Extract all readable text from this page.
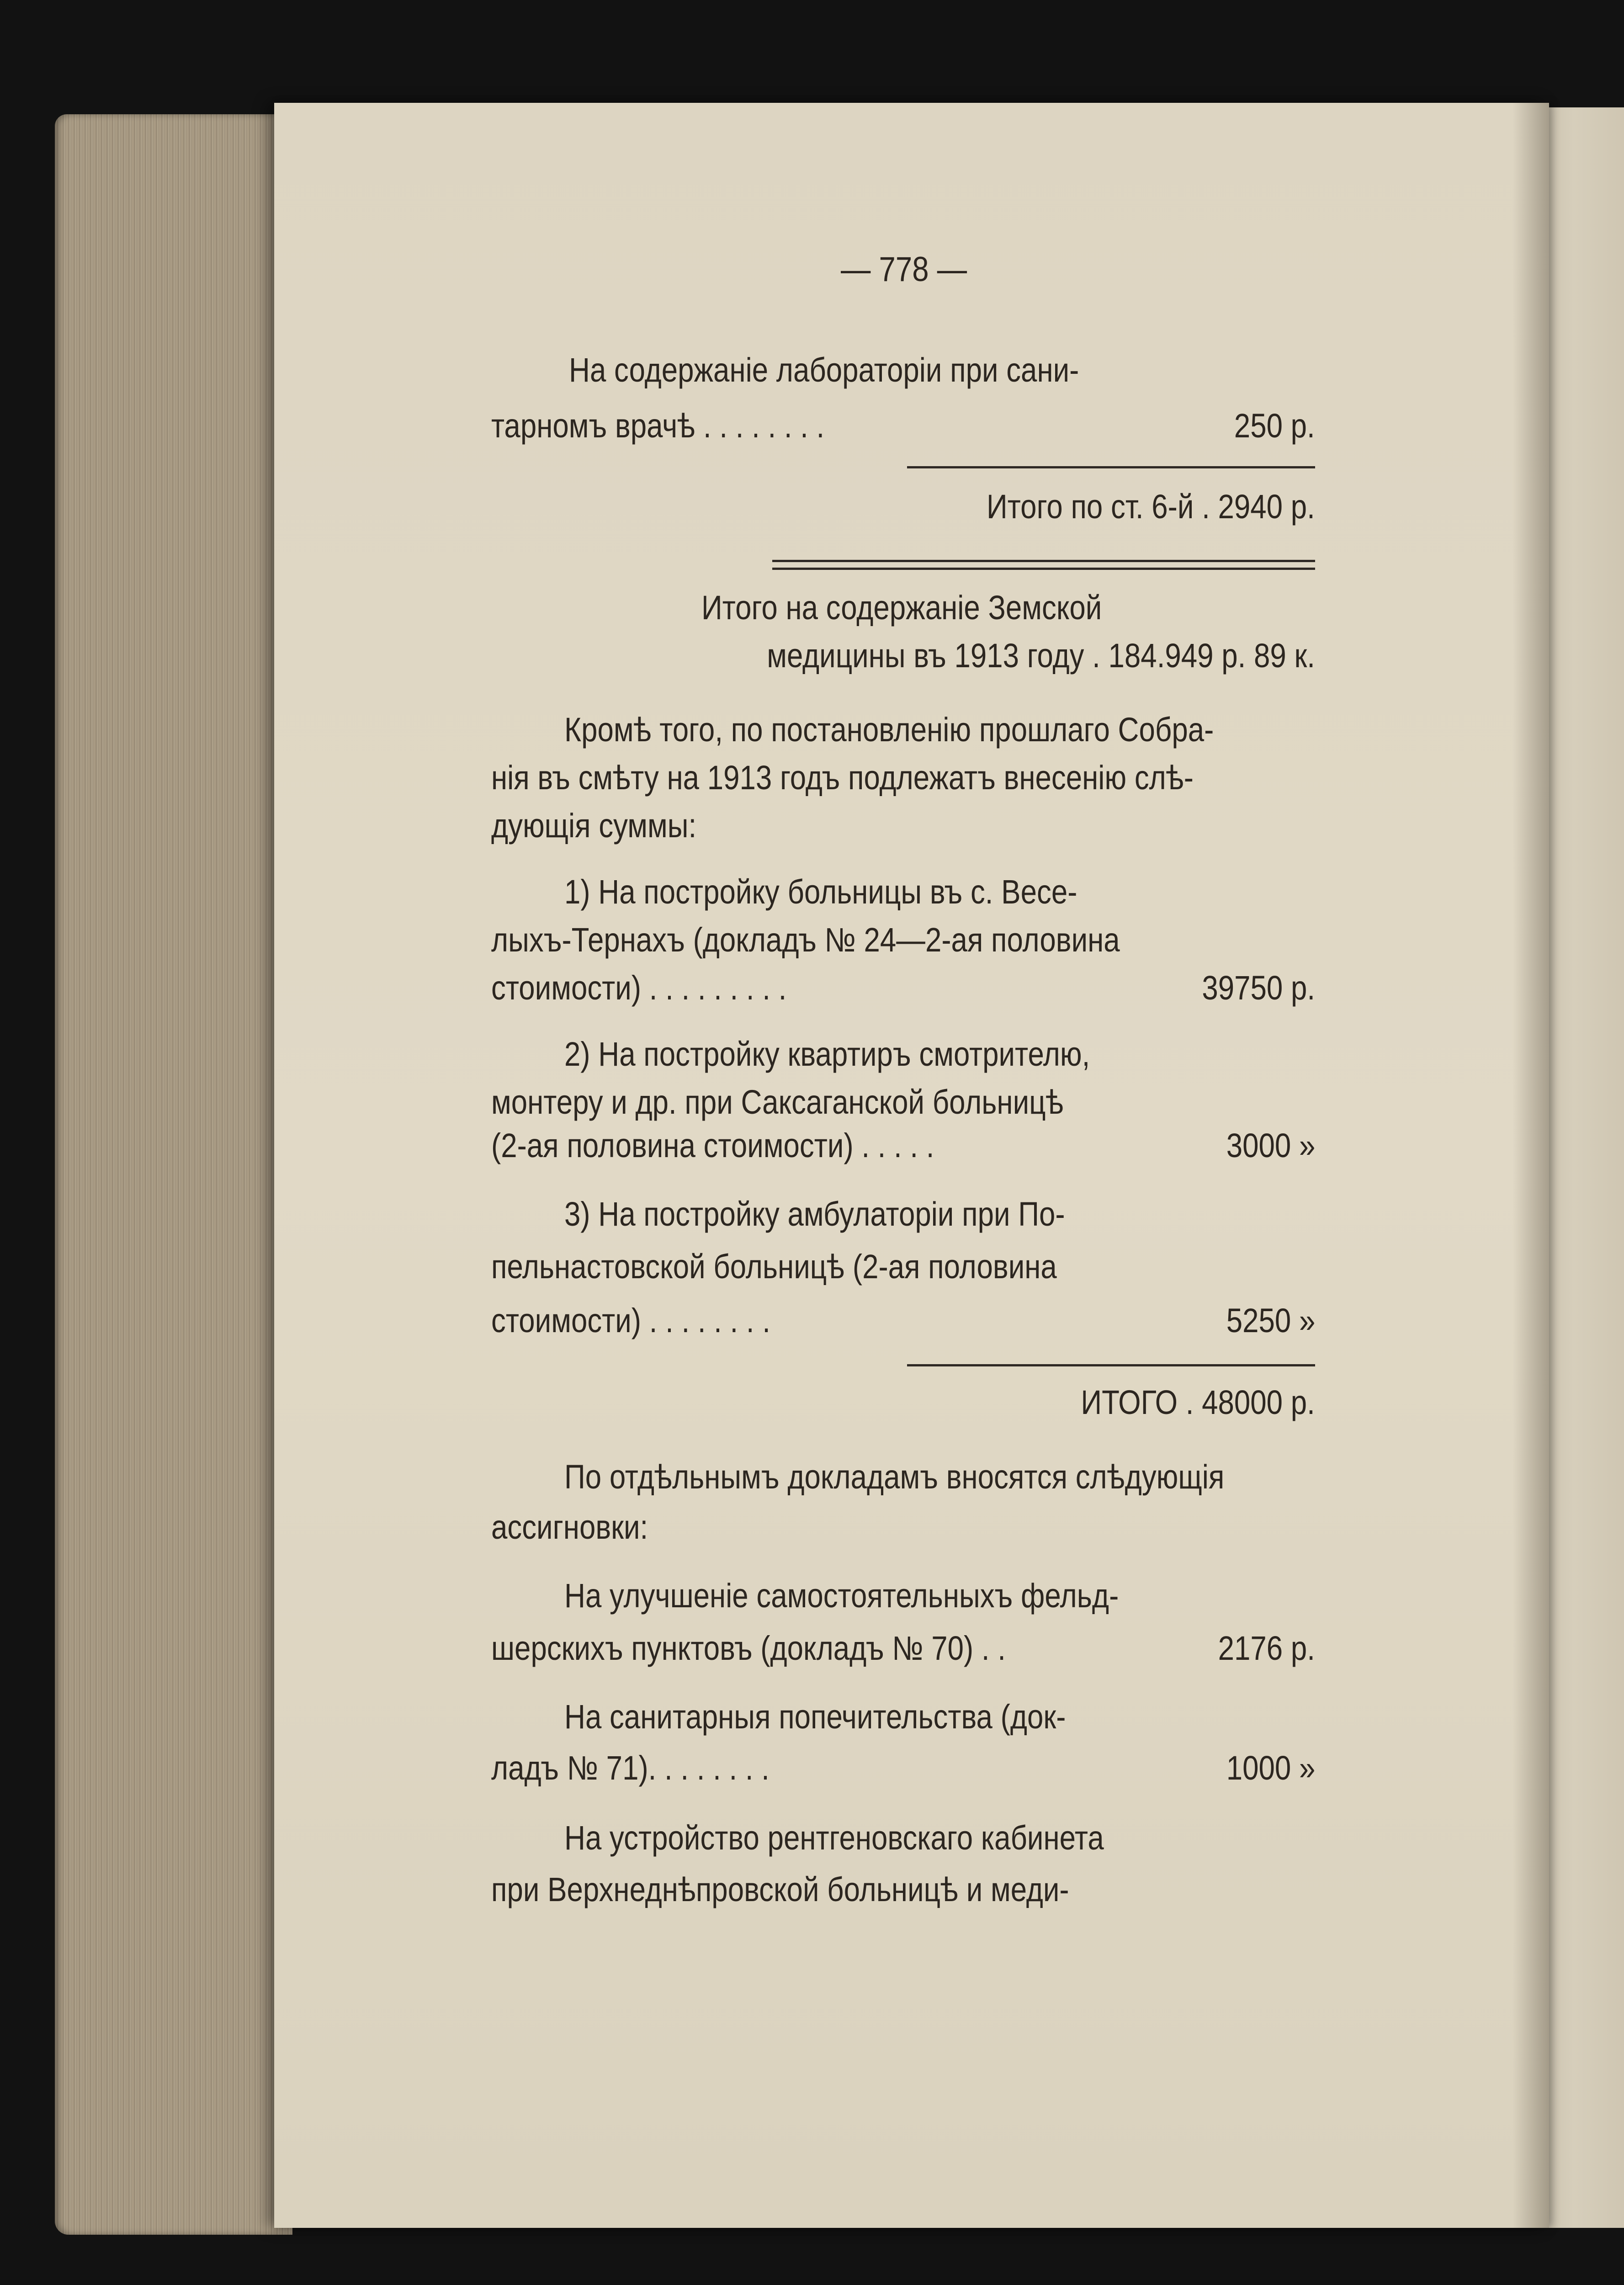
— 778 —
На содержаніе лабораторіи при сани-
тарномъ врачѣ . . . . . . . .	250 р.
Итого по ст. 6-й . 2940 р.
Итого на содержаніе Земской
медицины въ 1913 году . 184.949 р. 89 к.
Кромѣ того, по постановленію прошлаго Собра-
нія въ смѣту на 1913 годъ подлежатъ внесенію слѣ-
дующія суммы:
1) На постройку больницы въ с. Весе-
лыхъ-Тернахъ (докладъ № 24—2-ая половина
стоимости) . . . . . . . . .	39750 р.
2) На постройку квартиръ смотрителю,
монтеру и др. при Саксаганской больницѣ
(2-ая половина стоимости) . . . . .	3000 »
3) На постройку амбулаторіи при По-
пельнастовской больницѣ (2-ая половина
стоимости) . . . . . . . .	5250 »
ИТОГО . 48000 р.
По отдѣльнымъ докладамъ вносятся слѣдующія
ассигновки:
На улучшеніе самостоятельныхъ фельд-
шерскихъ пунктовъ (докладъ № 70) . .	2176 р.
На санитарныя попечительства (док-
ладъ № 71). . . . . . . .	1000 »
На устройство рентгеновскаго кабинета
при Верхнеднѣпровской больницѣ и меди-
